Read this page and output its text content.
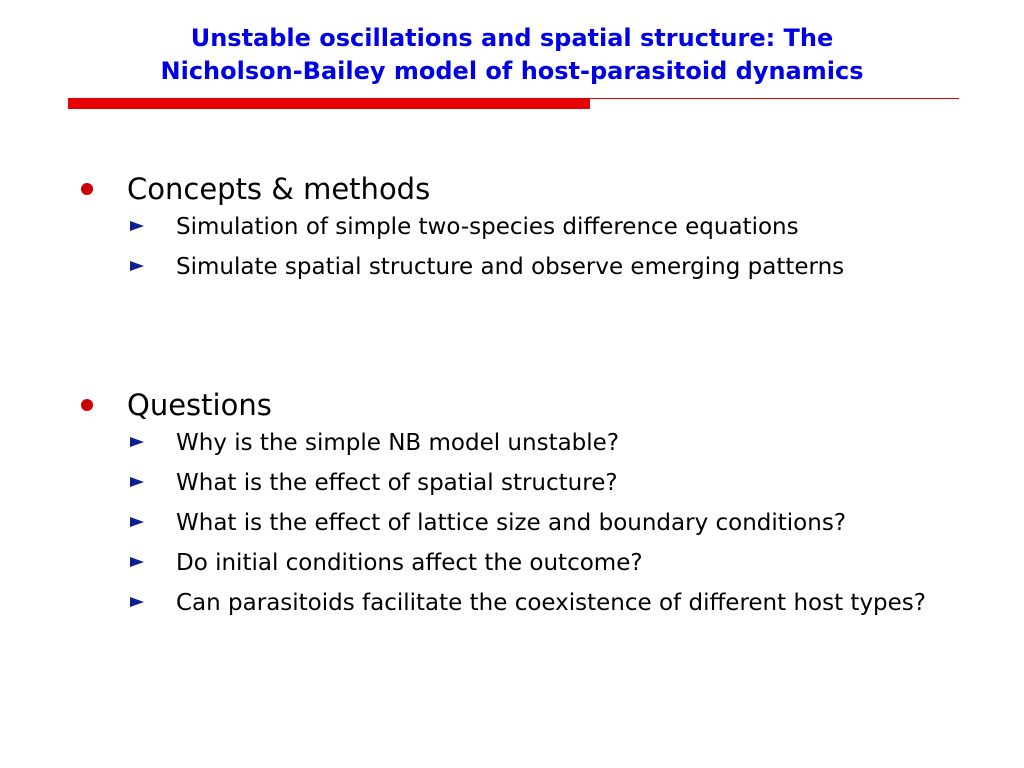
Unstable oscillations and spatial structure: The
Nicholson-Bailey model of host-parasitoid dynamics
Concepts & methods
Simulation of simple two-species difference equations
Simulate spatial structure and observe emerging patterns
Questions
Why is the simple NB model unstable?
What is the effect of spatial structure?
What is the effect of lattice size and boundary conditions?
Do initial conditions affect the outcome?
Can parasitoids facilitate the coexistence of different host types?
